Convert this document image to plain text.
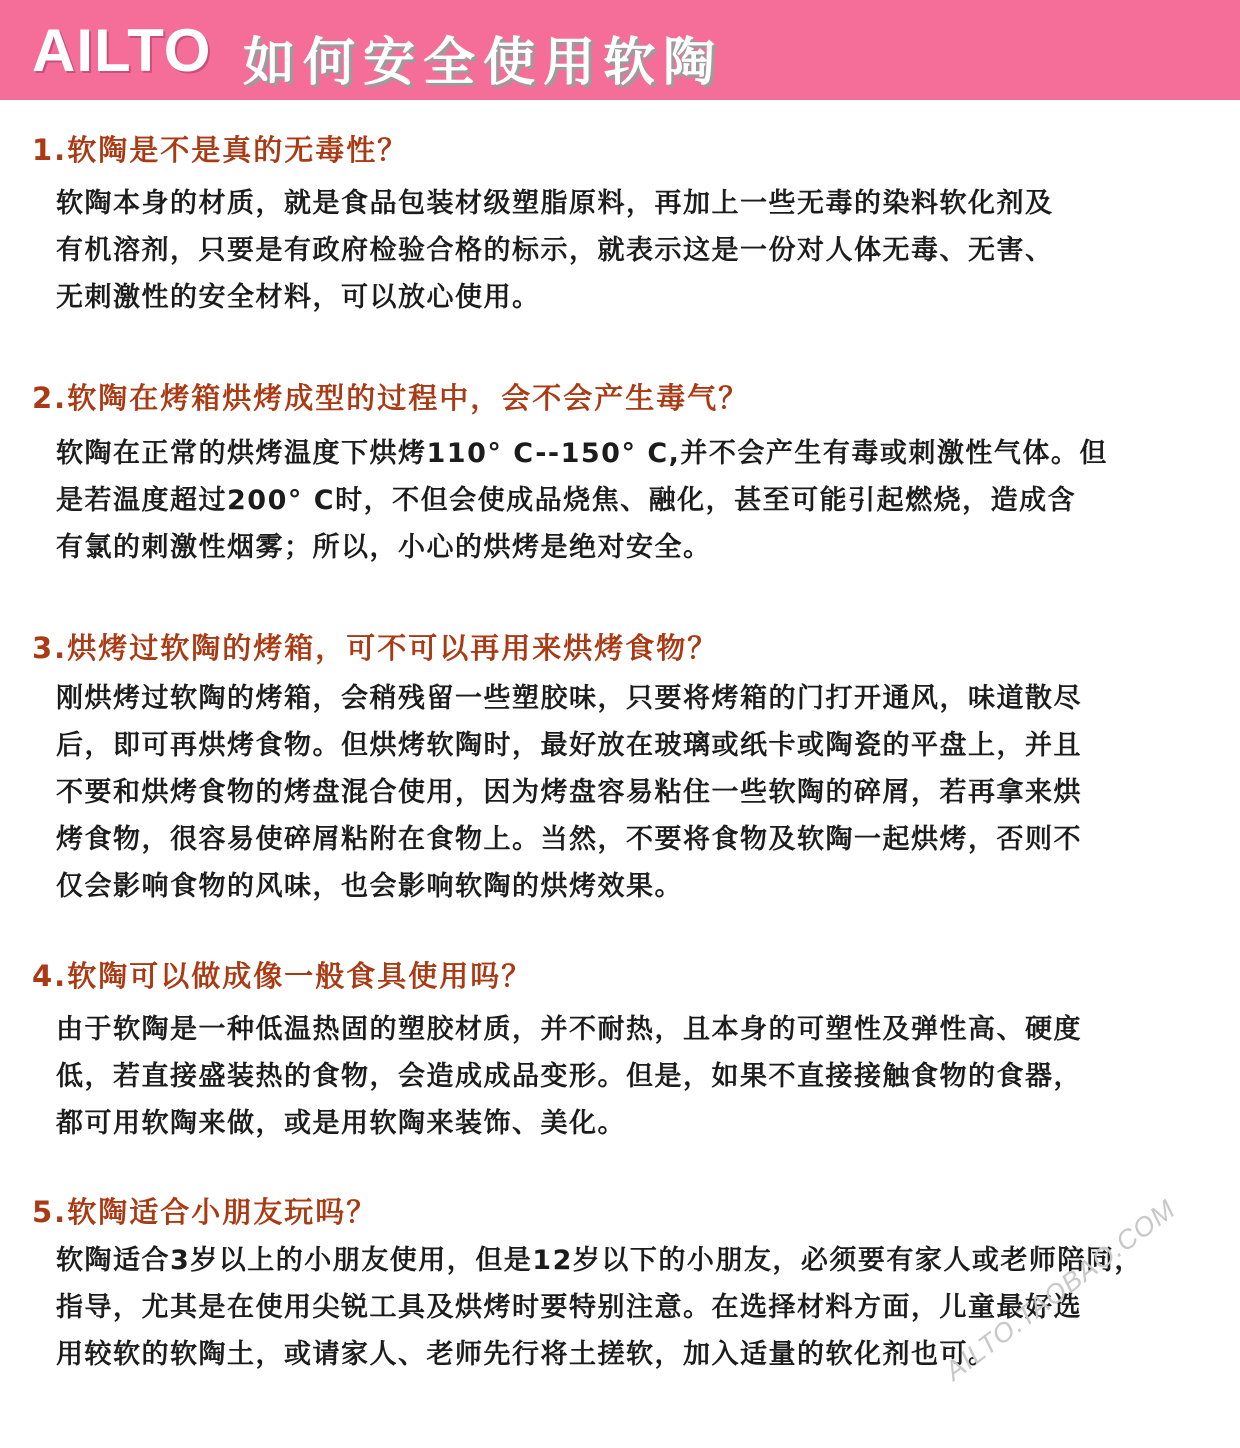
AILTO 如何安全使用软陶
1.软陶是不是真的无毒性？
软陶本身的材质，就是食品包装材级塑脂原料，再加上一些无毒的染料软化剂及
有机溶剂，只要是有政府检验合格的标示，就表示这是一份对人体无毒、无害、
无刺激性的安全材料，可以放心使用。
2.软陶在烤箱烘烤成型的过程中，会不会产生毒气？
软陶在正常的烘烤温度下烘烤110° C--150° C,并不会产生有毒或刺激性气体。但
是若温度超过200° C时，不但会使成品烧焦、融化，甚至可能引起燃烧，造成含
有氯的刺激性烟雾；所以，小心的烘烤是绝对安全。
3.烘烤过软陶的烤箱，可不可以再用来烘烤食物？
刚烘烤过软陶的烤箱，会稍残留一些塑胶味，只要将烤箱的门打开通风，味道散尽
后，即可再烘烤食物。但烘烤软陶时，最好放在玻璃或纸卡或陶瓷的平盘上，并且
不要和烘烤食物的烤盘混合使用，因为烤盘容易粘住一些软陶的碎屑，若再拿来烘
烤食物，很容易使碎屑粘附在食物上。当然，不要将食物及软陶一起烘烤，否则不
仅会影响食物的风味，也会影响软陶的烘烤效果。
4.软陶可以做成像一般食具使用吗？
由于软陶是一种低温热固的塑胶材质，并不耐热，且本身的可塑性及弹性高、硬度
低，若直接盛装热的食物，会造成成品变形。但是，如果不直接接触食物的食器，
都可用软陶来做，或是用软陶来装饰、美化。
5.软陶适合小朋友玩吗？
软陶适合3岁以上的小朋友使用，但是12岁以下的小朋友，必须要有家人或老师陪同，
指导，尤其是在使用尖锐工具及烘烤时要特别注意。在选择材料方面，儿童最好选
用较软的软陶土，或请家人、老师先行将土搓软，加入适量的软化剂也可。
AILTO.TAOBAO.COM
